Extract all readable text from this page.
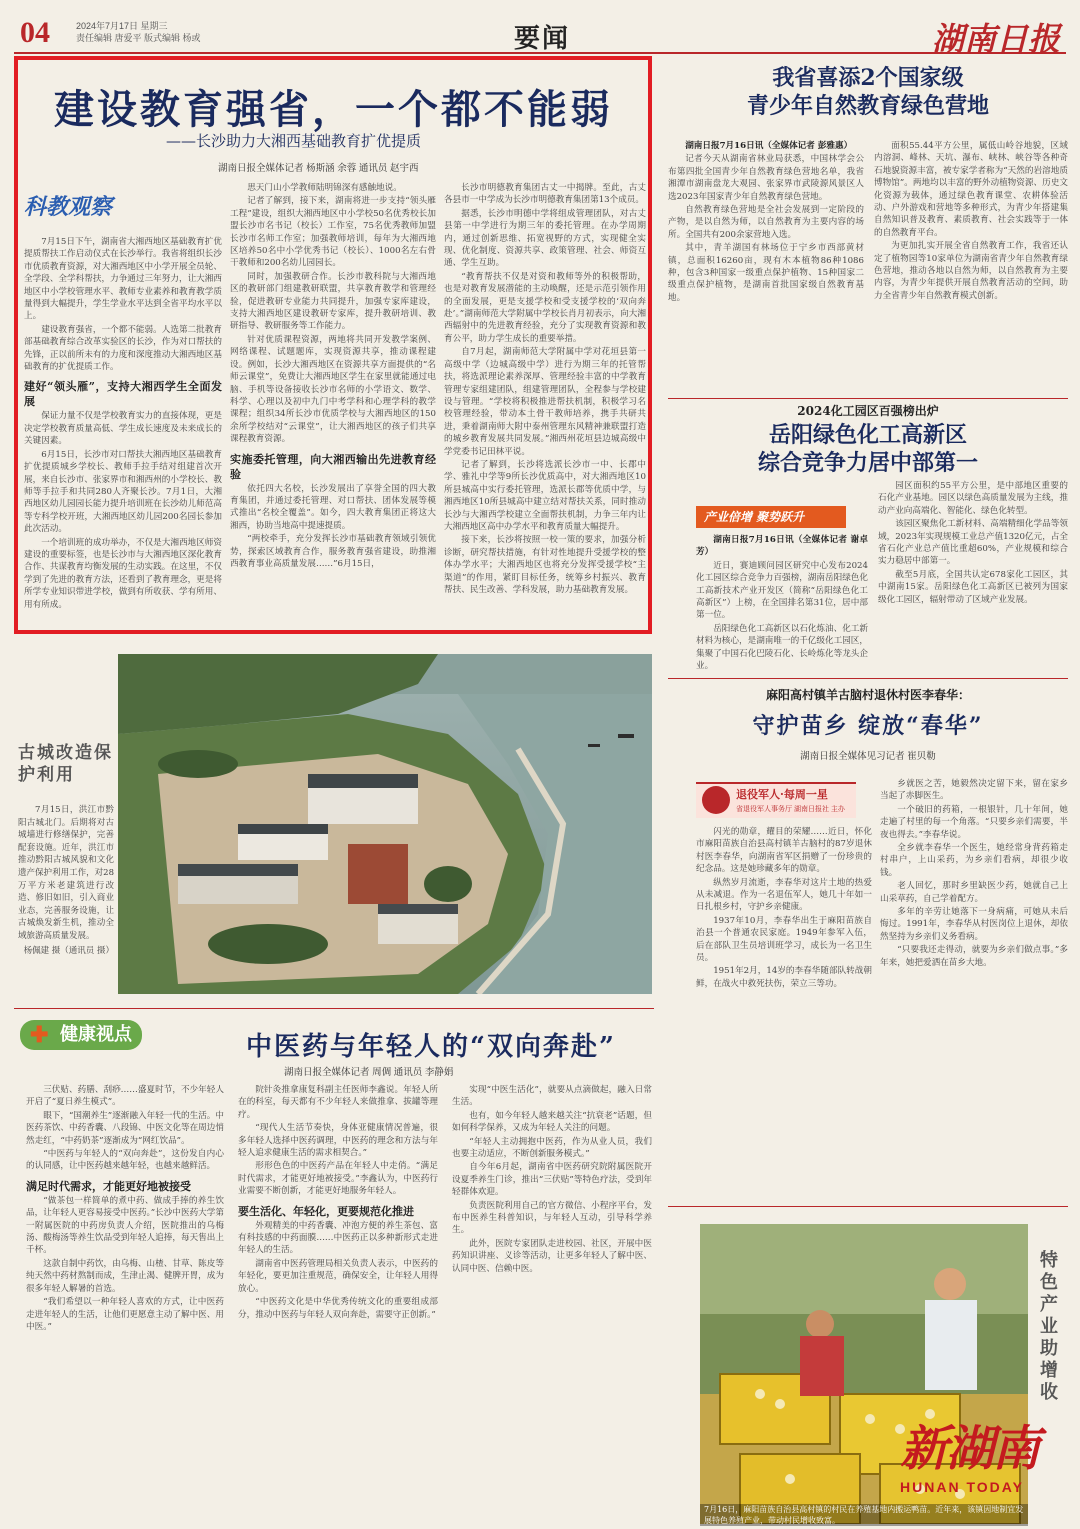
04	2024年7月17日 星期三
责任编辑 唐爱平 版式编辑 杨或	要闻	湖南日报
建设教育强省，一个都不能弱
——长沙助力大湘西基础教育扩优提质
湖南日报全媒体记者 杨斯涵 余蓉 通讯员 赵宇西
科教观察

7月15日下午，湖南省大湘西地区基础教育扩优提质帮扶工作启动仪式在长沙举行。我省将组织长沙市优质教育资源，对大湘西地区中小学开展全员轮、全学段、全学科帮扶，力争通过三年努力，让大湘西地区中小学校管理水平、教师专业素养和教育教学质量得到大幅提升，学生学业水平达到全省平均水平以上。

建设教育强省，一个都不能弱。人选第二批教育部基础教育综合改革实验区的长沙，作为对口帮扶的先锋，正以前所未有的力度和深度推动大湘西地区基础教育的扩优提质工作。

建好“领头雁”，支持大湘西学生全面发展

保证力量不仅是学校教育实力的直接体现，更是决定学校教育质量高低、学生成长速度及未来成长的关键因素。

6月15日，长沙市对口帮扶大湘西地区基础教育扩优提质城乡学校长、教师手拉手结对组建首次开展，来自长沙市、张家界市和湘西州的小学校长、教师等手拉手和共同280人齐聚长沙。7月1日，大湘西地区幼儿园园长能力提升培训班在长沙幼儿师范高等专科学校开班，大湘西地区幼儿园200名园长参加此次活动。

一个培训班的成功举办，不仅是大湘西地区师资建设的重要标签，也是长沙市与大湘西地区深化教育合作、共谋教育均衡发展的生动实践。在这里，不仅学到了先进的教育方法，还看到了教育理念，更是将所学专业知识带进学校，做到有所收获、学有所用、用有所成。

思天门山小学教师陆明锦深有感触地说。

记者了解到，接下来，湖南将进一步支持“领头雁工程”建设，组织大湘西地区中小学校50名优秀校长加盟长沙市名书记（校长）工作室，75名优秀教师加盟长沙市名师工作室；加强教师培训，每年为大湘西地区培养50名中小学优秀书记（校长）、1000名左右骨干教师和200名幼儿园园长。

同时，加强教研合作。长沙市教科院与大湘西地区的教研部门组建教研联盟，共享教育教学和管理经验，促进教研专业能力共同提升，加强专家库建设，支持大湘西地区建设教研专家库，提升教研培训、教研指导、教研服务等工作能力。

针对优质课程资源，两地将共同开发教学案例、网络课程、试题题库，实现资源共享，推动课程建设。例如，长沙大湘西地区在资源共享方面提供的“名师云课堂”，免费让大湘西地区学生在家里就能通过电脑、手机等设备接收长沙市名师的小学语文、数学、科学、心理以及初中九门中考学科和心理学科的教学课程；组织34所长沙市优质学校与大湘西地区的150余所学校结对“云课堂”，让大湘西地区的孩子们共享课程教育资源。

实施委托管理，向大湘西输出先进教育经验

依托四大名校，长沙发展出了享誉全国的四大教育集团，并通过委托管理、对口帮扶、团体发展等模式推出“名校全覆盖”。如今，四大教育集团正将这大湘西，协助当地高中提速提质。

“两校牵手，充分发挥长沙市基础教育领域引领优势，探索区域教育合作，服务教育强省建设，助推湘西教育事业高质量发展……”6月15日，

长沙市明德教育集团古丈一中揭牌。至此，古丈各县市一中学成为长沙市明德教育集团第13个成员。

据悉，长沙市明德中学将组成管理团队，对古丈县第一中学进行为期三年的委托管理。在办学周期内，通过创新思维、拓宽视野的方式，实现健全实现、优化制度、资源共享、政策管理、社会、师资互通、学生互助。

“教育帮扶不仅是对资和教师等外的积极帮助，也是对教育发展潜能的主动唤醒，还是示范引领作用的全面发展，更是支援学校和受支援学校的‘双向奔赴’。”湖南师范大学附属中学校长肖月初表示，向大湘西辐射中的先进教育经验，充分了实现教育资源和教育公平，助力学生成长的重要举措。

自7月起，湖南师范大学附属中学对花垣县第一高级中学（边城高级中学）进行为期三年的托管帮扶，将选派理论素养深厚、管理经验丰富的中学教育管理专家组建团队，组建管理团队，全程参与学校建设与管理。“学校将积极推进帮扶机制，积极学习名校管理经验，带动本土骨干教师培养，携手共研共进，秉着湖南师大附中泰州管理东风精神兼联盟打造的城乡教育发展共同发展。”湘西州花垣县边城高级中学党委书记田林平说。

记者了解到，长沙将选派长沙市一中、长郡中学、雅礼中学等9所长沙优质高中，对大湘西地区10所县城高中实行委托管理，选派长郡等优质中学，与湘西地区10所县城高中建立结对帮扶关系，同时推动长沙与大湘西学校建立全面帮扶机制，力争三年内让大湘西地区高中办学水平和教育质量大幅提升。

接下来，长沙将按照一校一策的要求，加强分析诊断，研究帮扶措施，有针对性地提升受援学校的整体办学水平；大湘西地区也将充分发挥受援学校“主渠道”的作用，紧盯目标任务，统筹乡村振兴、教育帮扶、民生改善、学科发展，助力基础教育发展。

我省喜添2个国家级
青少年自然教育绿色营地

湖南日报7月16日讯（全媒体记者 彭雅惠）

记者今天从湖南省林业局获悉，中国林学会公布第四批全国青少年自然教育绿色营地名单，我省湘潭市湖南盘龙大观园、张家界市武陵源风景区人选2023年国家青少年自然教育绿色营地。

自然教育绿色营地是全社会发展到一定阶段的产物，是以自然为师，以自然教育为主要内容的场所。全国共有200余家营地入选。

其中，青羊湖国有林场位于宁乡市西部黄材镇，总面积16260亩，现有木本植物86种1086种，包含3种国家一级重点保护植物、15种国家二级重点保护植物，是湖南首批国家级自然教育基地。

面积55.44平方公里，属低山岭谷地貌，区域内溶洞、峰林、天坑、瀑布、峡林、峡谷等各种奇石地貌资源丰富，被专家学者称为“天然的岩溶地质博物馆”。两地均以丰富的野外动植物资源、历史文化资源为载体，通过绿色教育课堂、农耕体验活动、户外游戏和营地等多种形式，为青少年搭建集自然知识普及教育、素质教育、社会实践等于一体的自然教育平台。

为更加扎实开展全省自然教育工作，我省还认定了植物园等10家单位为湖南省青少年自然教育绿色营地，推动各地以自然为师，以自然教育为主要内容，为青少年提供开展自然教育活动的空间，助力全省青少年自然教育模式创新。

2024化工园区百强榜出炉
岳阳绿色化工高新区
综合竞争力居中部第一
产业倍增 聚势跃升

湖南日报7月16日讯（全媒体记者 谢卓芳）

近日，赛迪顾问园区研究中心发布2024化工园区综合竞争力百强榜，湖南岳阳绿色化工高新技术产业开发区（简称“岳阳绿色化工高新区”）上榜，在全国排名第31位，居中部第一位。

岳阳绿色化工高新区以石化炼油、化工新材料为核心，是湖南唯一的千亿级化工园区，集聚了中国石化巴陵石化、长岭炼化等龙头企业。

园区面积约55平方公里，是中部地区重要的石化产业基地。园区以绿色高质量发展为主线，推动产业向高端化、智能化、绿色化转型。

该园区聚焦化工新材料、高端精细化学品等领域，2023年实现规模工业总产值1320亿元，占全省石化产业总产值比重超60%，产业规模和综合实力稳居中部第一。

截至5月底，全国共认定678家化工园区，其中湖南15家。岳阳绿色化工高新区已被列为国家级化工园区，辐射带动了区域产业发展。

古城改造保护利用

7月15日，洪江市黔阳古城北门。后期将对古城墙进行修缮保护，完善配套设施。近年，洪江市推动黔阳古城风貌和文化遗产保护利用工作，对28万平方米老建筑进行改造、修旧如旧，引入商业业态，完善服务设施，让古城焕发新生机，推动全域旅游高质量发展。

杨佩建 摄（通讯员 摄）

✚ 健康视点	中医药与年轻人的“双向奔赴”
湖南日报全媒体记者 周倜 通讯员 李静娟

三伏贴、药膳、刮痧……盛夏时节，不少年轻人开启了“夏日养生模式”。

眼下，“国潮养生”逐渐融入年轻一代的生活。中医药茶饮、中药香囊、八段锦、中医文化等在周边悄然走红，“中药奶茶”逐渐成为“网红饮品”。

“中医药与年轻人的“双向奔赴”，这份发自内心的认同感，让中医药越来越年轻，也越来越鲜活。

满足时代需求，才能更好地被接受

“做茶包一样简单的煮中药、做成手捧的养生饮品，让年轻人更容易接受中医药。”长沙中医药大学第一附属医院的中药房负责人介绍，医院推出的乌梅汤、酸梅汤等养生饮品受到年轻人追捧，每天售出上千杯。

这款自制中药饮，由乌梅、山楂、甘草、陈皮等纯天然中药材熬制而成，生津止渴、健脾开胃，成为很多年轻人解暑的首选。

“我们希望以一种年轻人喜欢的方式，让中医药走进年轻人的生活，让他们更愿意主动了解中医、用中医。”

院针灸推拿康复科副主任医师李鑫说。年轻人所在的科室，每天都有不少年轻人来做推拿、拔罐等理疗。

“现代人生活节奏快，身体亚健康情况普遍，很多年轻人选择中医药调理，中医药的理念和方法与年轻人追求健康生活的需求相契合。”

形形色色的中医药产品在年轻人中走俏。“满足时代需求，才能更好地被接受。”李鑫认为，中医药行业需要不断创新，才能更好地服务年轻人。

要生活化、年轻化，更要规范化推进

外观精美的中药香囊、冲泡方便的养生茶包、富有科技感的中药面膜……中医药正以多种新形式走进年轻人的生活。

湖南省中医药管理局相关负责人表示，中医药的年轻化，要更加注重规范，确保安全，让年轻人用得放心。

“中医药文化是中华优秀传统文化的重要组成部分，推动中医药与年轻人双向奔赴，需要守正创新。”

实现“中医生活化”，就要从点滴做起，融入日常生活。

也有，如今年轻人越来越关注“抗衰老”话题，但如何科学保养，又成为年轻人关注的问题。

“年轻人主动拥抱中医药，作为从业人员，我们也要主动适应，不断创新服务模式。”

自今年6月起，湖南省中医药研究院附属医院开设夏季养生门诊，推出“三伏贴”等特色疗法，受到年轻群体欢迎。

负责医院利用自己的官方微信、小程序平台，发布中医养生科普知识，与年轻人互动，引导科学养生。

此外，医院专家团队走进校园、社区，开展中医药知识讲座、义诊等活动，让更多年轻人了解中医、认同中医、信赖中医。

麻阳高村镇羊古脑村退休村医李春华：
守护苗乡 绽放“春华”
湖南日报全媒体见习记者 崔贝勒
退役军人·每周一星
省退役军人事务厅 湖南日报社 主办

闪光的勋章，耀目的荣耀……近日，怀化市麻阳苗族自治县高村镇羊古脑村的87岁退休村医李春华，向湖南省军区捐赠了一份珍贵的纪念品。这是她珍藏多年的勋章。

纵然岁月流逝，李春华对这片土地的热爱从未减退。作为一名退伍军人，她几十年如一日扎根乡村，守护乡亲健康。

1937年10月，李春华出生于麻阳苗族自治县一个普通农民家庭。1949年参军入伍，后在部队卫生员培训班学习，成长为一名卫生员。

1951年2月，14岁的李春华随部队转战朝鲜，在战火中救死扶伤，荣立三等功。

乡就医之苦，她毅然决定留下来，留在家乡当起了赤脚医生。

一个破旧的药箱，一根银针，几十年间，她走遍了村里的每一个角落。“只要乡亲们需要，半夜也得去。”李春华说。

全乡就李春华一个医生，她经常身背药箱走村串户，上山采药，为乡亲们看病，却很少收钱。

老人回忆，那时乡里缺医少药，她就自己上山采草药，自己学着配方。

多年的辛劳让她落下一身病痛，可她从未后悔过。1991年，李春华从村医岗位上退休，却依然坚持为乡亲们义务看病。

“只要我还走得动，就要为乡亲们做点事。”多年来，她把爱洒在苗乡大地。

特色产业助增收
7月16日，麻阳苗族自治县高村镇的村民在养殖基地内搬运鸭苗。近年来，该镇因地制宜发展特色养殖产业，带动村民增收致富。
新湖南
HUNAN TODAY
